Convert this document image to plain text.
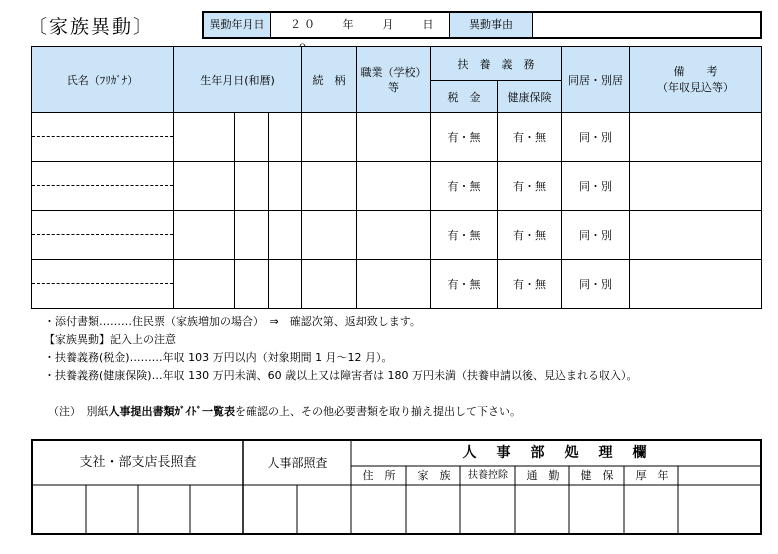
〔家族異動〕	異動年月日	２０	年	月	日	異動事由
氏名（ﾌﾘｶﾞﾅ）	生年月日(和暦)			続　柄	職業（学校）等	扶　養　義　務		同居・別居	備　　考
（年収見込等）

						税　金	健康保険		

						有・無	有・無	同・別	

						有・無	有・無	同・別	

						有・無	有・無	同・別	

						有・無	有・無	同・別	
・添付書類………住民票（家族増加の場合）　⇒　確認次第、返却致します。
【家族異動】記入上の注意
・扶養義務(税金)………年収 103 万円以内（対象期間 1 月～12 月）。
・扶養義務(健康保険)…年収 130 万円未満、60 歳以上又は障害者は 180 万円未満（扶養申請以後、見込まれる収入）。
（注）　別紙人事提出書類ｶﾞｲﾄﾞ一覧表を確認の上、その他必要書類を取り揃え提出して下さい。
支社・部支店長照査	人事部照査
人　事　部　処　理　欄
住　所	家　族	扶養控除	通　勤	健　保	厚　年
